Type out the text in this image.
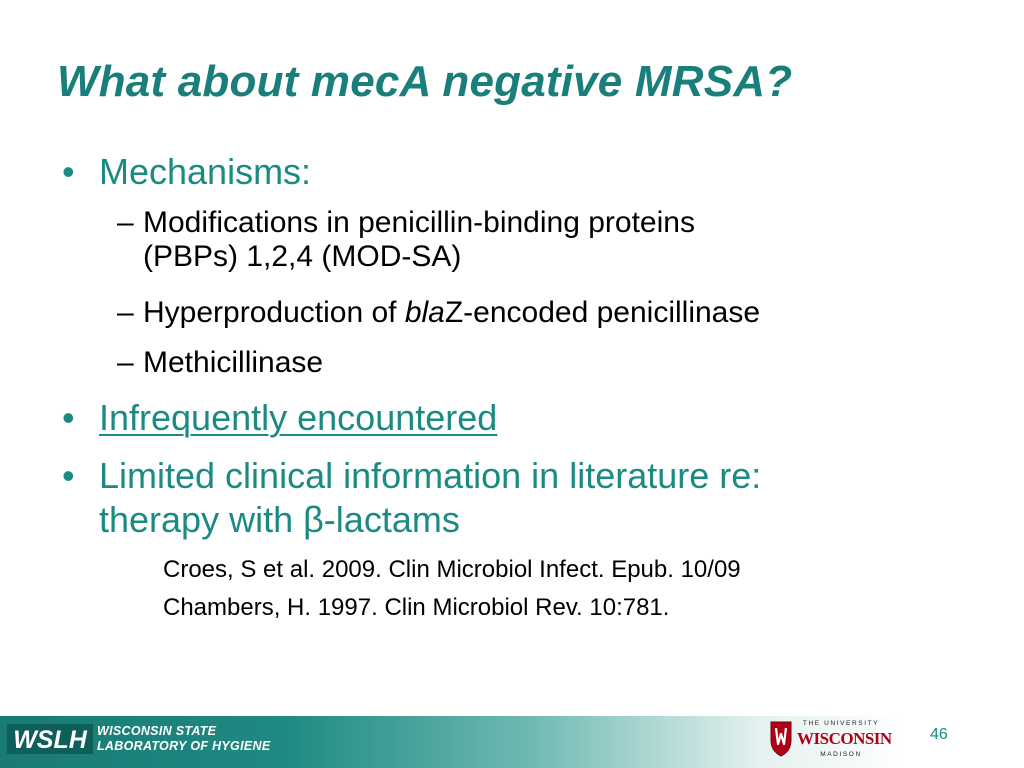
What about mecA negative MRSA?
• Mechanisms:
– Modifications in penicillin-binding proteins
(PBPs) 1,2,4 (MOD-SA)
– Hyperproduction of blaZ-encoded penicillinase
– Methicillinase
• Infrequently encountered
• Limited clinical information in literature re:
therapy with β-lactams
Croes, S et al. 2009. Clin Microbiol Infect. Epub. 10/09
Chambers, H. 1997. Clin Microbiol Rev. 10:781.
WSLH WISCONSIN STATE
LABORATORY OF HYGIENE
THE UNIVERSITY
WISCONSIN
MADISON
46
